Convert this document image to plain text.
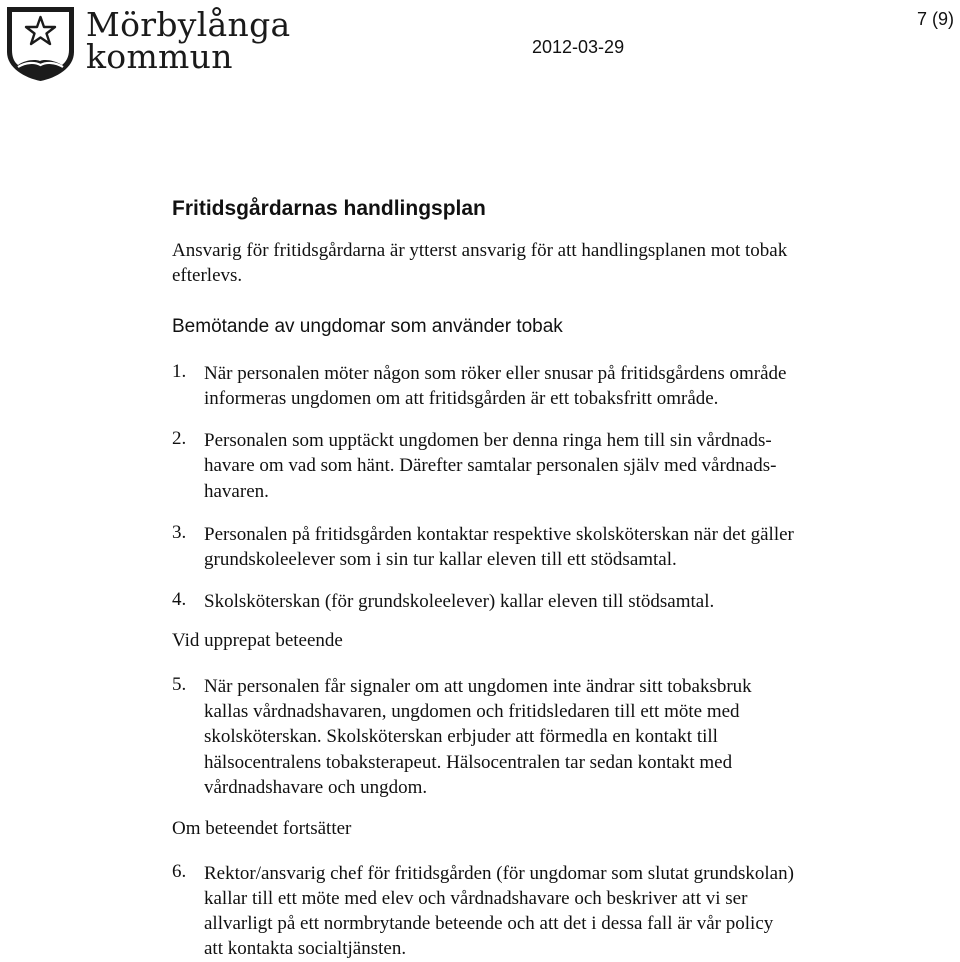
Mörbylånga
kommun	2012-03-29
7 (9)
Fritidsgårdarnas handlingsplan
Ansvarig för fritidsgårdarna är ytterst ansvarig för att handlingsplanen mot tobak
efterlevs.
Bemötande av ungdomar som använder tobak
1. När personalen möter någon som röker eller snusar på fritidsgårdens område
informeras ungdomen om att fritidsgården är ett tobaksfritt område.
2. Personalen som upptäckt ungdomen ber denna ringa hem till sin vårdnads-
havare om vad som hänt. Därefter samtalar personalen själv med vårdnads-
havaren.
3. Personalen på fritidsgården kontaktar respektive skolsköterskan när det gäller
grundskoleelever som i sin tur kallar eleven till ett stödsamtal.
4. Skolsköterskan (för grundskoleelever) kallar eleven till stödsamtal.
Vid upprepat beteende
5. När personalen får signaler om att ungdomen inte ändrar sitt tobaksbruk
kallas vårdnadshavaren, ungdomen och fritidsledaren till ett möte med
skolsköterskan. Skolsköterskan erbjuder att förmedla en kontakt till
hälsocentralens tobaksterapeut. Hälsocentralen tar sedan kontakt med
vårdnadshavare och ungdom.
Om beteendet fortsätter
6. Rektor/ansvarig chef för fritidsgården (för ungdomar som slutat grundskolan)
kallar till ett möte med elev och vårdnadshavare och beskriver att vi ser
allvarligt på ett normbrytande beteende och att det i dessa fall är vår policy
att kontakta socialtjänsten.
